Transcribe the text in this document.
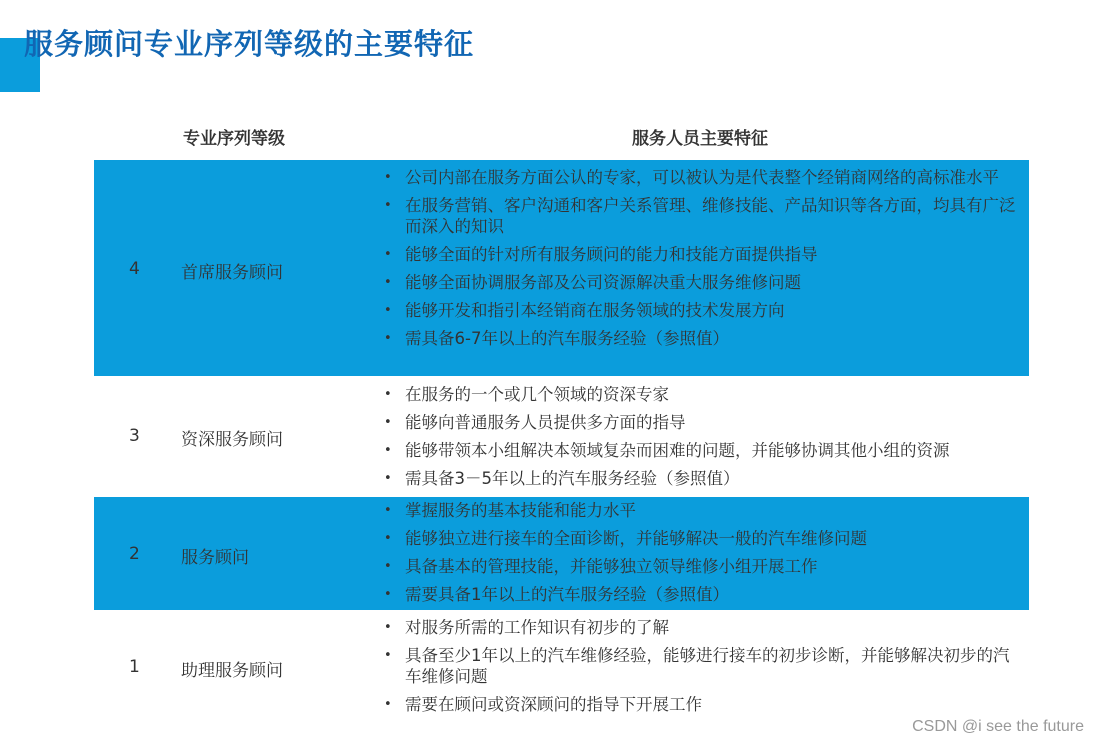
服务顾问专业序列等级的主要特征
专业序列等级	服务人员主要特征
4 首席服务顾问
• 公司内部在服务方面公认的专家，可以被认为是代表整个经销商网络的高标准水平
• 在服务营销、客户沟通和客户关系管理、维修技能、产品知识等各方面，均具有广泛而深入的知识
• 能够全面的针对所有服务顾问的能力和技能方面提供指导
• 能够全面协调服务部及公司资源解决重大服务维修问题
• 能够开发和指引本经销商在服务领域的技术发展方向
• 需具备6-7年以上的汽车服务经验（参照值）
3 资深服务顾问
• 在服务的一个或几个领域的资深专家
• 能够向普通服务人员提供多方面的指导
• 能够带领本小组解决本领域复杂而困难的问题，并能够协调其他小组的资源
• 需具备3－5年以上的汽车服务经验（参照值）
2 服务顾问
• 掌握服务的基本技能和能力水平
• 能够独立进行接车的全面诊断，并能够解决一般的汽车维修问题
• 具备基本的管理技能，并能够独立领导维修小组开展工作
• 需要具备1年以上的汽车服务经验（参照值）
1 助理服务顾问
• 对服务所需的工作知识有初步的了解
• 具备至少1年以上的汽车维修经验，能够进行接车的初步诊断，并能够解决初步的汽车维修问题
• 需要在顾问或资深顾问的指导下开展工作
CSDN @i see the future
